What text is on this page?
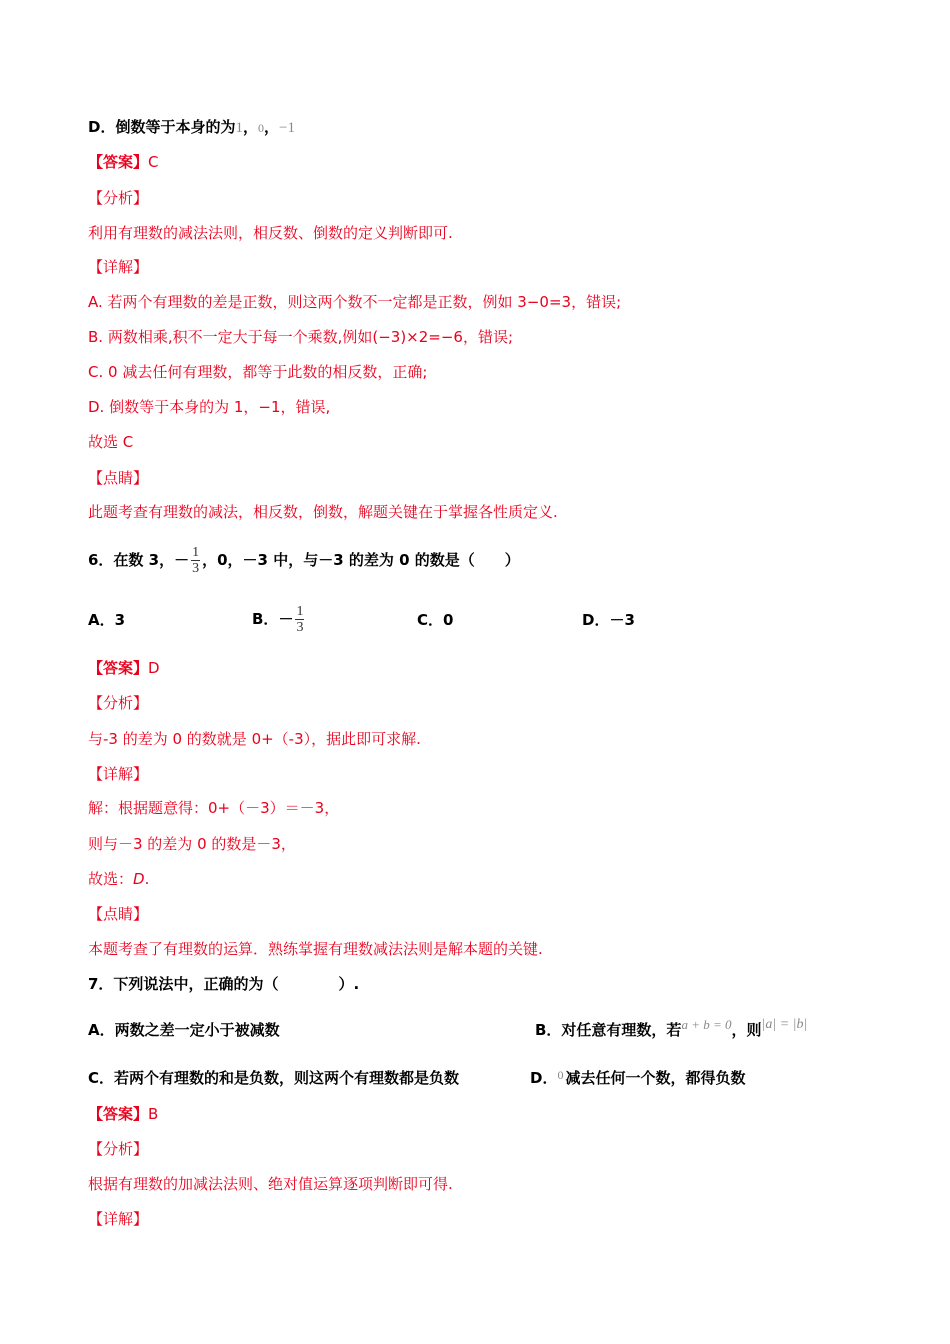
D．倒数等于本身的为1，0，−1
【答案】C
【分析】
利用有理数的减法法则，相反数、倒数的定义判断即可.
【详解】
A. 若两个有理数的差是正数，则这两个数不一定都是正数，例如 3−0=3，错误;
B. 两数相乘,积不一定大于每一个乘数,例如(−3)×2=−6，错误;
C. 0 减去任何有理数，都等于此数的相反数，正确;
D. 倒数等于本身的为 1，−1，错误,
故选 C
【点睛】
此题考查有理数的减法，相反数，倒数，解题关键在于掌握各性质定义.
6．在数 3，－ $\frac{1}{3}$ ，0，－3 中，与－3 的差为 0 的数是（　　）
A．3	B．－ $\frac{1}{3}$	C．0	D．－3
【答案】D
【分析】
与-3 的差为 0 的数就是 0+（-3），据此即可求解.
【详解】
解：根据题意得：0+（－3）＝－3，
则与－3 的差为 0 的数是－3，
故选：D.
【点睛】
本题考查了有理数的运算．熟练掌握有理数减法法则是解本题的关键.
7．下列说法中，正确的为（　　　　）.
A．两数之差一定小于被减数	B．对任意有理数，若a + b = 0，则|a| = |b|
C．若两个有理数的和是负数，则这两个有理数都是负数	D．$^0$ 减去任何一个数，都得负数
【答案】B
【分析】
根据有理数的加减法法则、绝对值运算逐项判断即可得.
【详解】
